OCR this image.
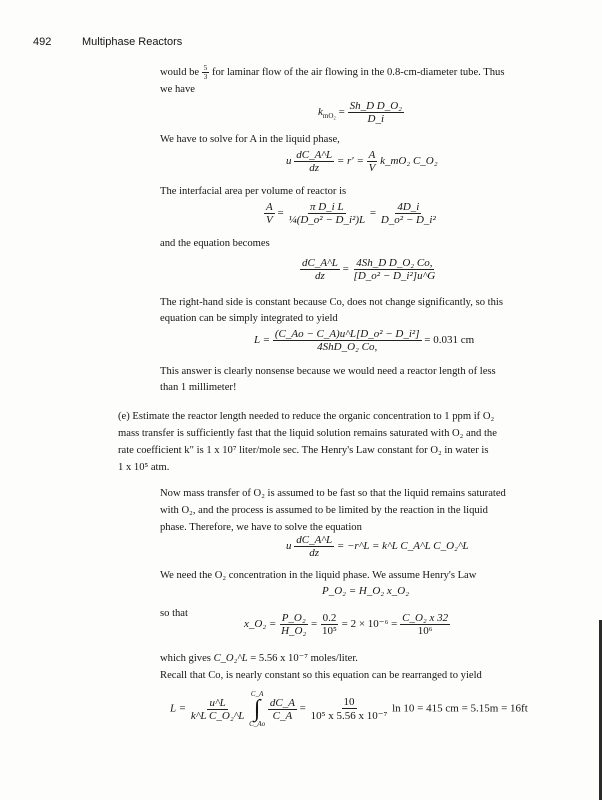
492	Multiphase Reactors
would be $\frac{5}{3}$ for laminar flow of the air flowing in the 0.8-cm-diameter tube. Thus
we have
$k_{mO_2} = \frac{\text{Sh\_D D\_O₂}}{D\_i}$
We have to solve for A in the liquid phase,
u $\frac{dC\_A\^{}L}{dz} = r' = \frac{A}{V}$ k_mO₂ C_O₂
The interfacial area per volume of reactor is
$\frac{A}{V} = \frac{\text{π D\_i L}}{\text{¼(D\_o² − D\_i²)L}} = \frac{4D\_i}{\text{D\_o² − D\_i²}}$
and the equation becomes
$\frac{dC\_A\^{}L}{dz} = \frac{\text{4Sh\_D D\_O₂ Co,}}{\text{[D\_o² − D\_i²]u\textasciicircum{}G}}$
The right-hand side is constant because Co, does not change significantly, so this
equation can be simply integrated to yield
$L = \frac{\text{(C\_Ao − C\_A)u\textasciicircum{}L[D\_o² − D\_i²]}}{\text{4ShD\_O₂ Co,}} = 0.031$ cm
This answer is clearly nonsense because we would need a reactor length of less
than 1 millimeter!
(e) Estimate the reactor length needed to reduce the organic concentration to 1 ppm if O₂
mass transfer is sufficiently fast that the liquid solution remains saturated with O₂ and the
rate coefficient k″ is 1 x 10⁷ liter/mole sec. The Henry's Law constant for O₂ in water is
1 x 10⁵ atm.
Now mass transfer of O₂ is assumed to be fast so that the liquid remains saturated
with O₂, and the process is assumed to be limited by the reaction in the liquid
phase. Therefore, we have to solve the equation
u $\frac{dC\_A\^{}L}{dz}$ = −r^L = k^L C_A^L C_O₂^L
We need the O₂ concentration in the liquid phase. We assume Henry's Law
P_O₂ = H_O₂ x_O₂
so that
x_O₂ = $\frac{\text{P\_O₂}}{\text{H\_O₂}} = \frac{0.2}{\text{10⁵}} = 2 \times 10^{-6} = \frac{\text{C\_O₂ x 32}}{\text{10⁶}}$
which gives C_O₂^L = 5.56 x 10⁻⁷ moles/liter.
Recall that Co, is nearly constant so this equation can be rearranged to yield
$L = \frac{u\^{}L}{\text{k\textasciicircum{}L C\_O₂\textasciicircum{}L}}$

C_A
∫
C_Ao

$\frac{dC\_A}{C\_A} = \frac{10}{\text{10⁵ x 5.56 x 10⁻⁷}}$ ln 10 = 415 cm = 5.15m = 16ft
